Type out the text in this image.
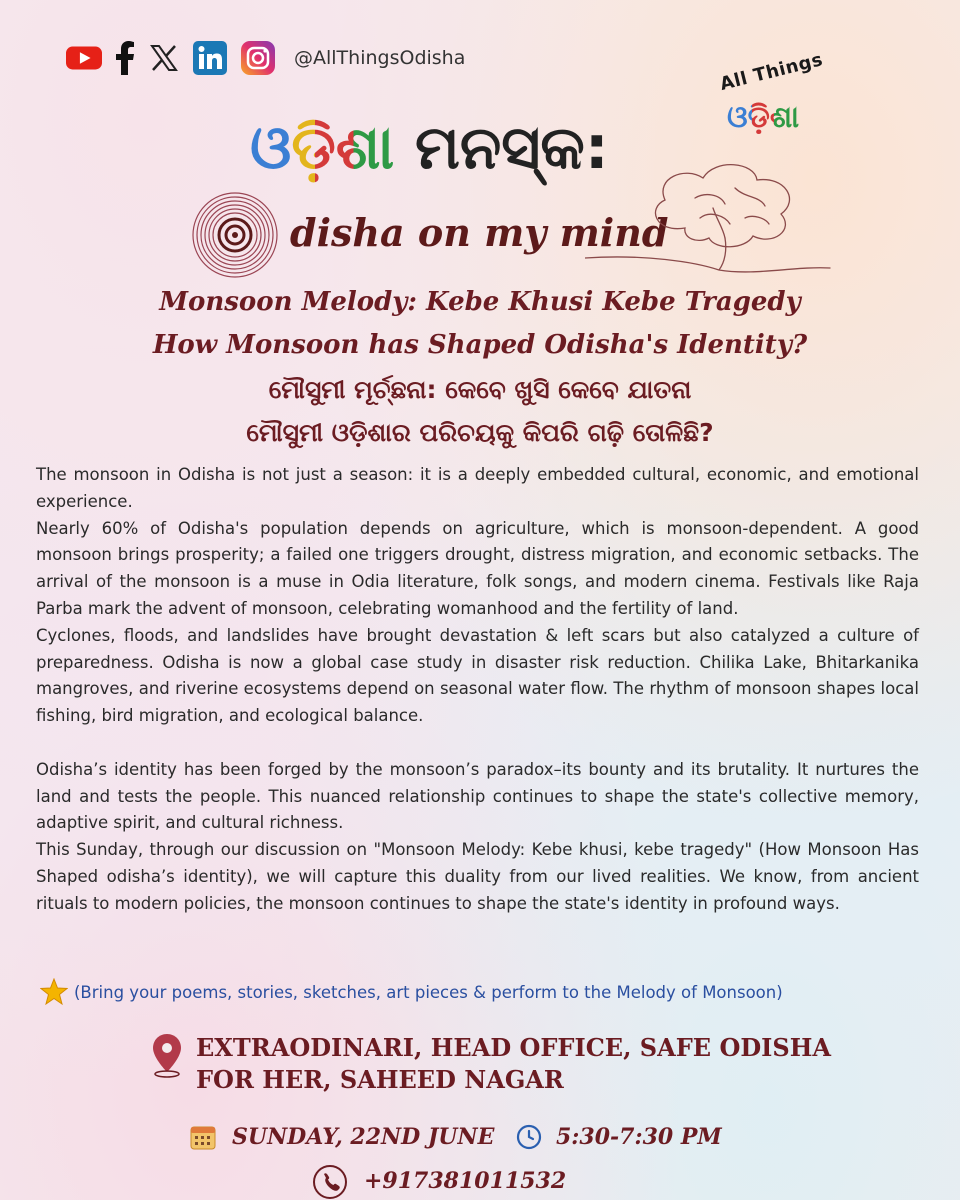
@AllThingsOdisha	All Things
ଓଡ଼ିଶା
ଓଡ଼ିଶା ମନସ୍କ:
disha on my mind
Monsoon Melody: Kebe Khusi Kebe Tragedy
How Monsoon has Shaped Odisha's Identity?
ମୌସୁମୀ ମୂର୍ଚ୍ଛନା: କେବେ ଖୁସି କେବେ ଯାତନା
ମୌସୁମୀ ଓଡ଼ିଶାର ପରିଚୟକୁ କିପରି ଗଢ଼ି ତୋଳିଛି?

The monsoon in Odisha is not just a season: it is a deeply embedded cultural, economic, and emotional experience.

Nearly 60% of Odisha's population depends on agriculture, which is monsoon-dependent. A good monsoon brings prosperity; a failed one triggers drought, distress migration, and economic setbacks. The arrival of the monsoon is a muse in Odia literature, folk songs, and modern cinema. Festivals like Raja Parba mark the advent of monsoon, celebrating womanhood and the fertility of land.

Cyclones, floods, and landslides have brought devastation & left scars but also catalyzed a culture of preparedness. Odisha is now a global case study in disaster risk reduction. Chilika Lake, Bhitarkanika mangroves, and riverine ecosystems depend on seasonal water flow. The rhythm of monsoon shapes local fishing, bird migration, and ecological balance.

Odisha’s identity has been forged by the monsoon’s paradox–its bounty and its brutality. It nurtures the land and tests the people. This nuanced relationship continues to shape the state's collective memory, adaptive spirit, and cultural richness.

This Sunday, through our discussion on "Monsoon Melody: Kebe khusi, kebe tragedy" (How Monsoon Has Shaped odisha’s identity), we will capture this duality from our lived realities. We know, from ancient rituals to modern policies, the monsoon continues to shape the state's identity in profound ways.

(Bring your poems, stories, sketches, art pieces & perform to the Melody of Monsoon)
EXTRAODINARI, HEAD OFFICE, SAFE ODISHA FOR HER, SAHEED NAGAR
SUNDAY, 22ND JUNE	5:30-7:30 PM
+917381011532
